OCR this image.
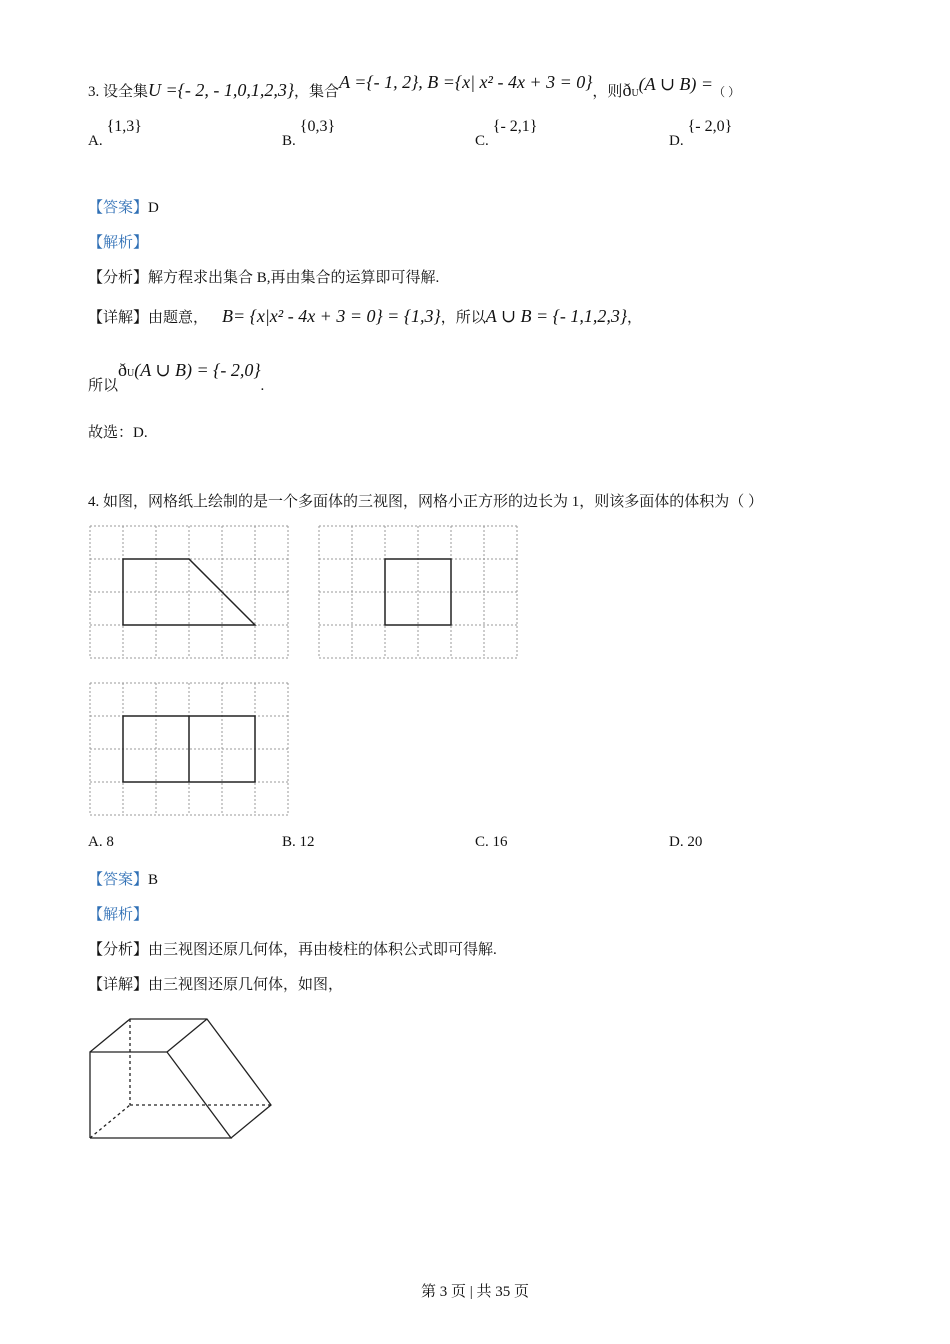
3. 设全集U ={- 2, - 1,0,1,2,3}，集合A ={- 1, 2}, B ={x| x² - 4x + 3 = 0}，则ðU(A ∪ B) =（ ）
A.{1,3}
B.{0,3}
C.{- 2,1}
D.{- 2,0}
【答案】D
【解析】
【分析】解方程求出集合 B,再由集合的运算即可得解.
【详解】由题意， B= {x|x² - 4x + 3 = 0} = {1,3}，所以A ∪ B = {- 1,1,2,3}，
所以ðU(A ∪ B) = {- 2,0}.
故选：D.
4. 如图，网格纸上绘制的是一个多面体的三视图，网格小正方形的边长为 1，则该多面体的体积为（ ）
A. 8	B. 12	C. 16	D. 20
【答案】B
【解析】
【分析】由三视图还原几何体，再由棱柱的体积公式即可得解.
【详解】由三视图还原几何体，如图，
第 3 页 | 共 35 页
